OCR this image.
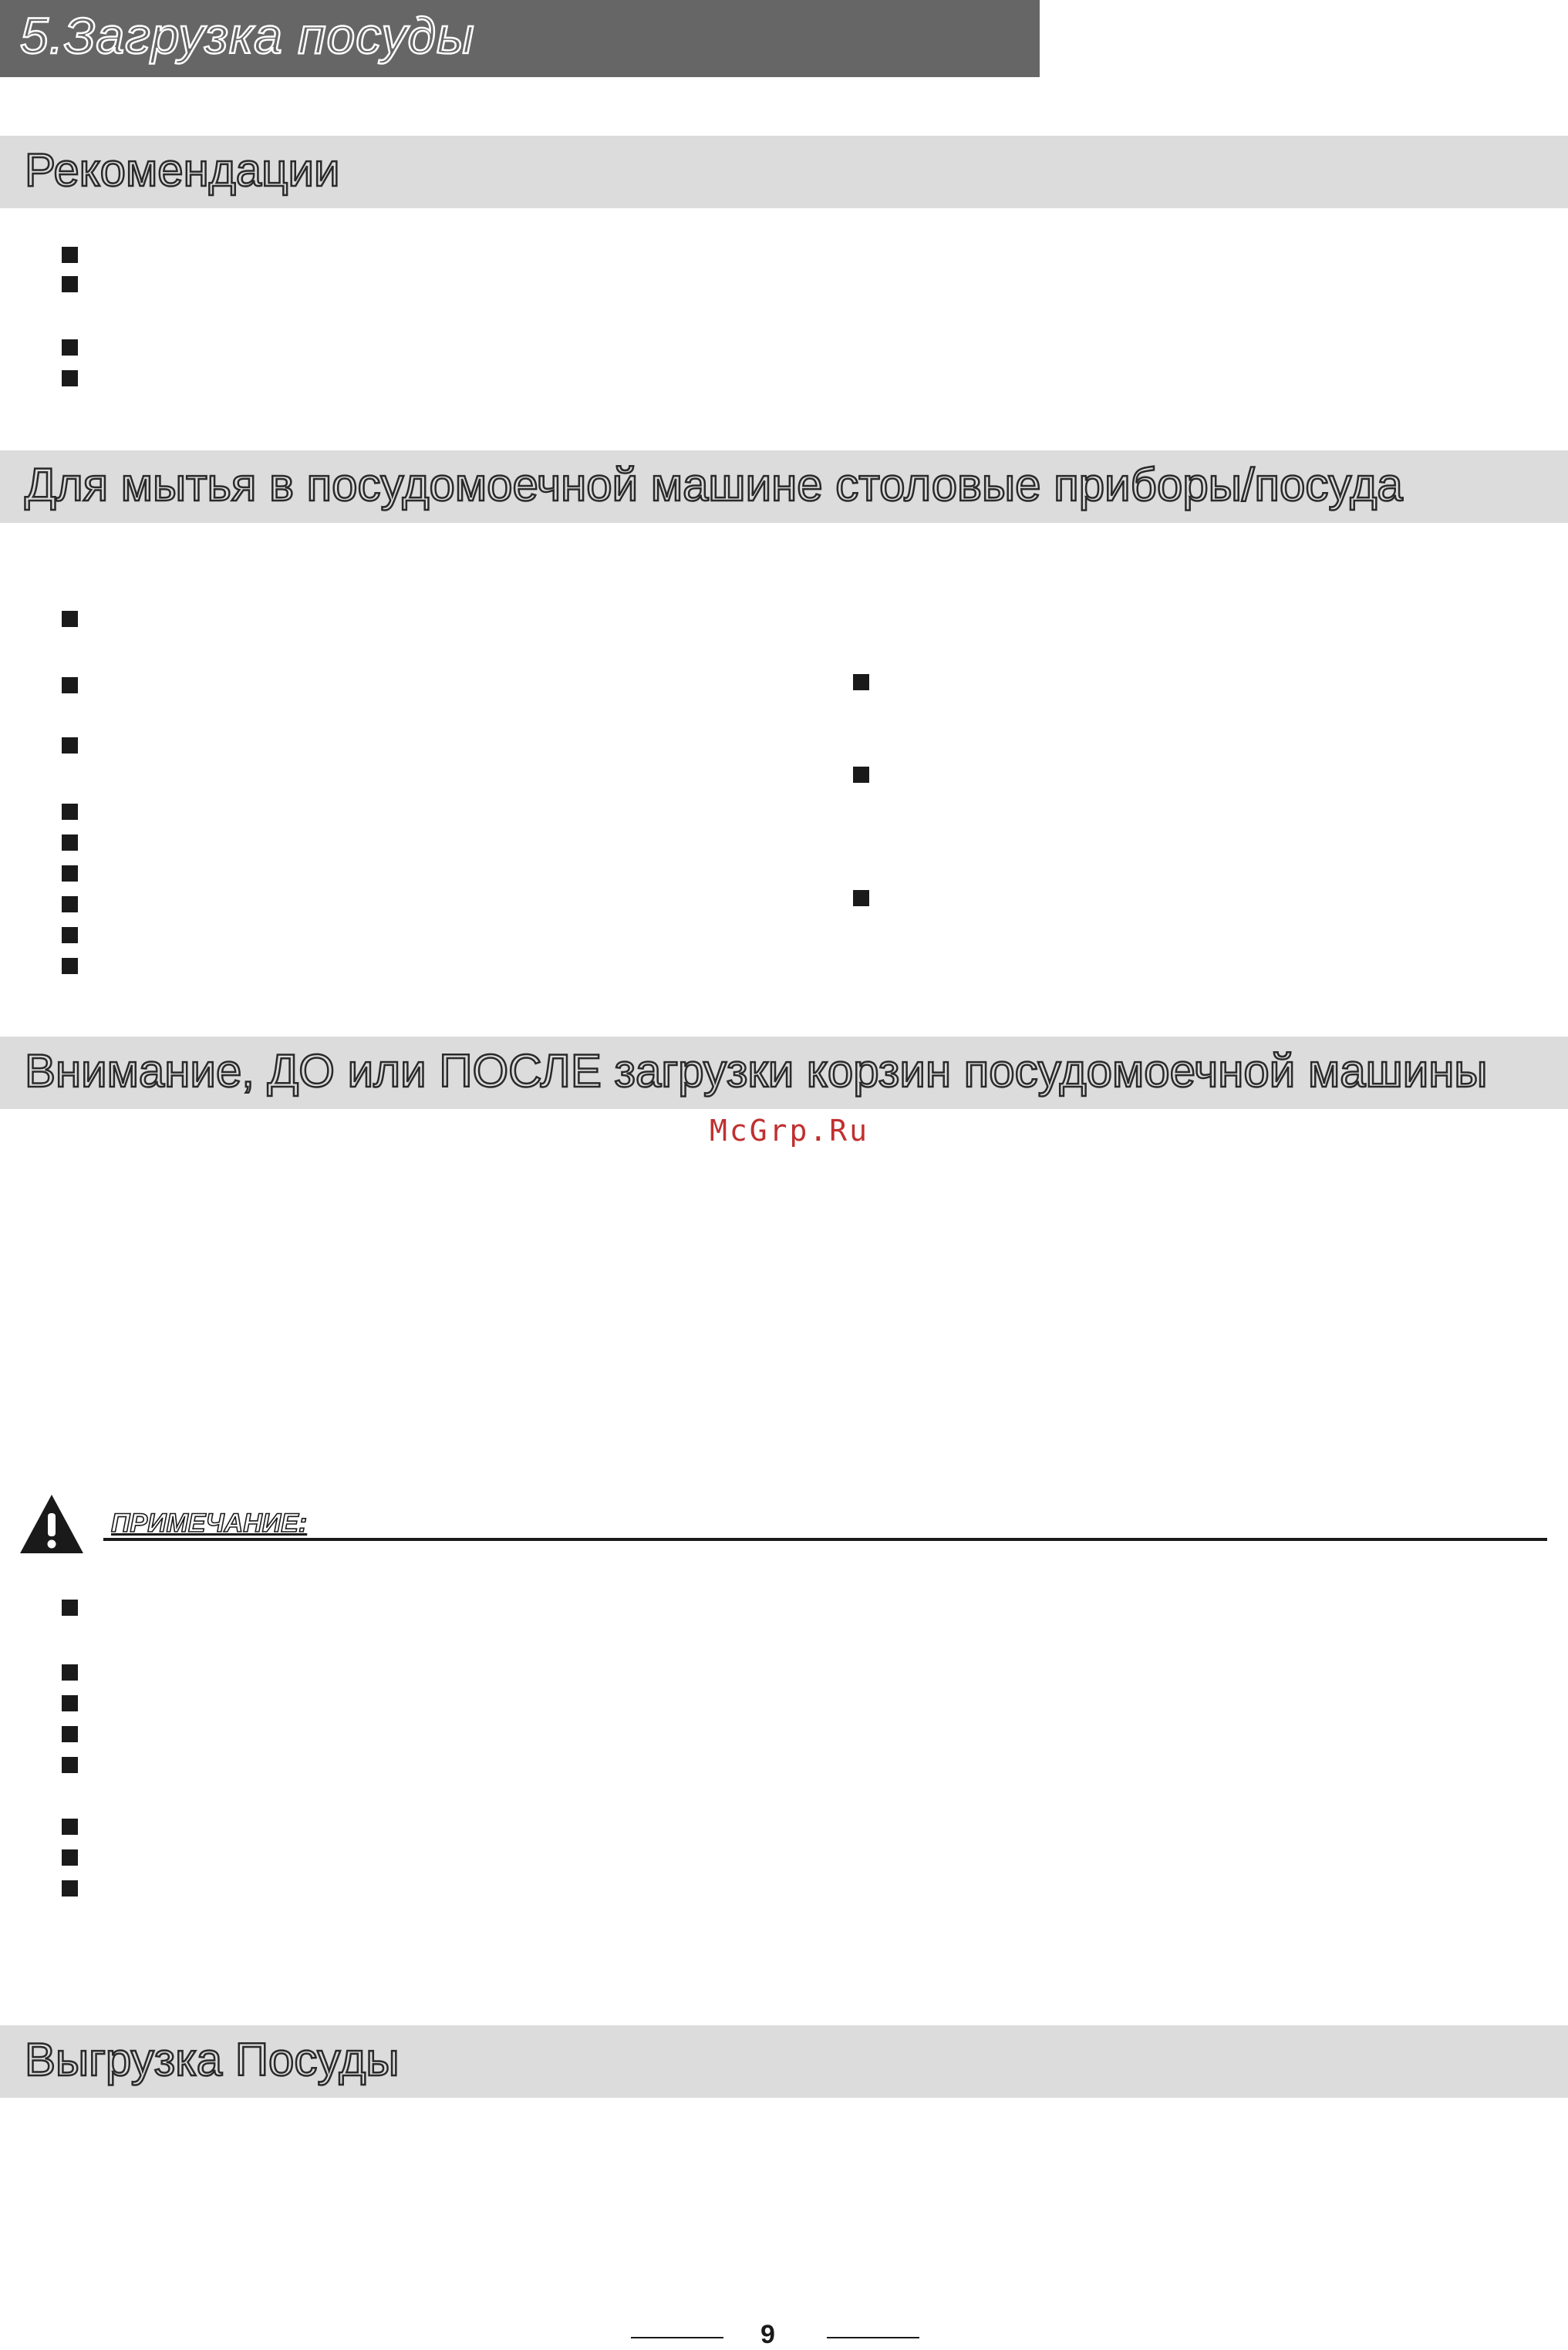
5.Загрузка посуды
Рекомендации
Для мытья в посудомоечной машине столовые приборы/посуда
Внимание, ДО или ПОСЛЕ загрузки корзин посудомоечной машины
McGrp.Ru
ПРИМЕЧАНИЕ:
Выгрузка Посуды
9
